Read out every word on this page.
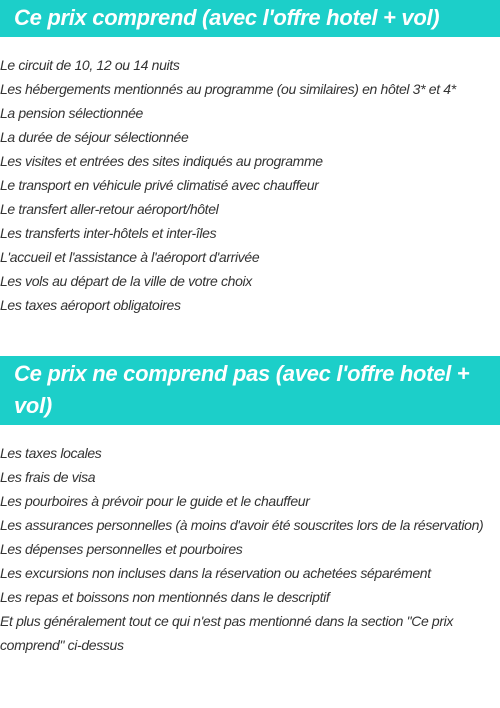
Ce prix comprend (avec l'offre hotel + vol)
Le circuit de 10, 12 ou 14 nuits
Les hébergements mentionnés au programme (ou similaires) en hôtel 3* et 4*
La pension sélectionnée
La durée de séjour sélectionnée
Les visites et entrées des sites indiqués au programme
Le transport en véhicule privé climatisé avec chauffeur
Le transfert aller-retour aéroport/hôtel
Les transferts inter-hôtels et inter-îles
L'accueil et l'assistance à l'aéroport d'arrivée
Les vols au départ de la ville de votre choix
Les taxes aéroport obligatoires
Ce prix ne comprend pas (avec l'offre hotel + vol)
Les taxes locales
Les frais de visa
Les pourboires à prévoir pour le guide et le chauffeur
Les assurances personnelles (à moins d'avoir été souscrites lors de la réservation)
Les dépenses personnelles et pourboires
Les excursions non incluses dans la réservation ou achetées séparément
Les repas et boissons non mentionnés dans le descriptif
Et plus généralement tout ce qui n'est pas mentionné dans la section "Ce prix comprend" ci-dessus
